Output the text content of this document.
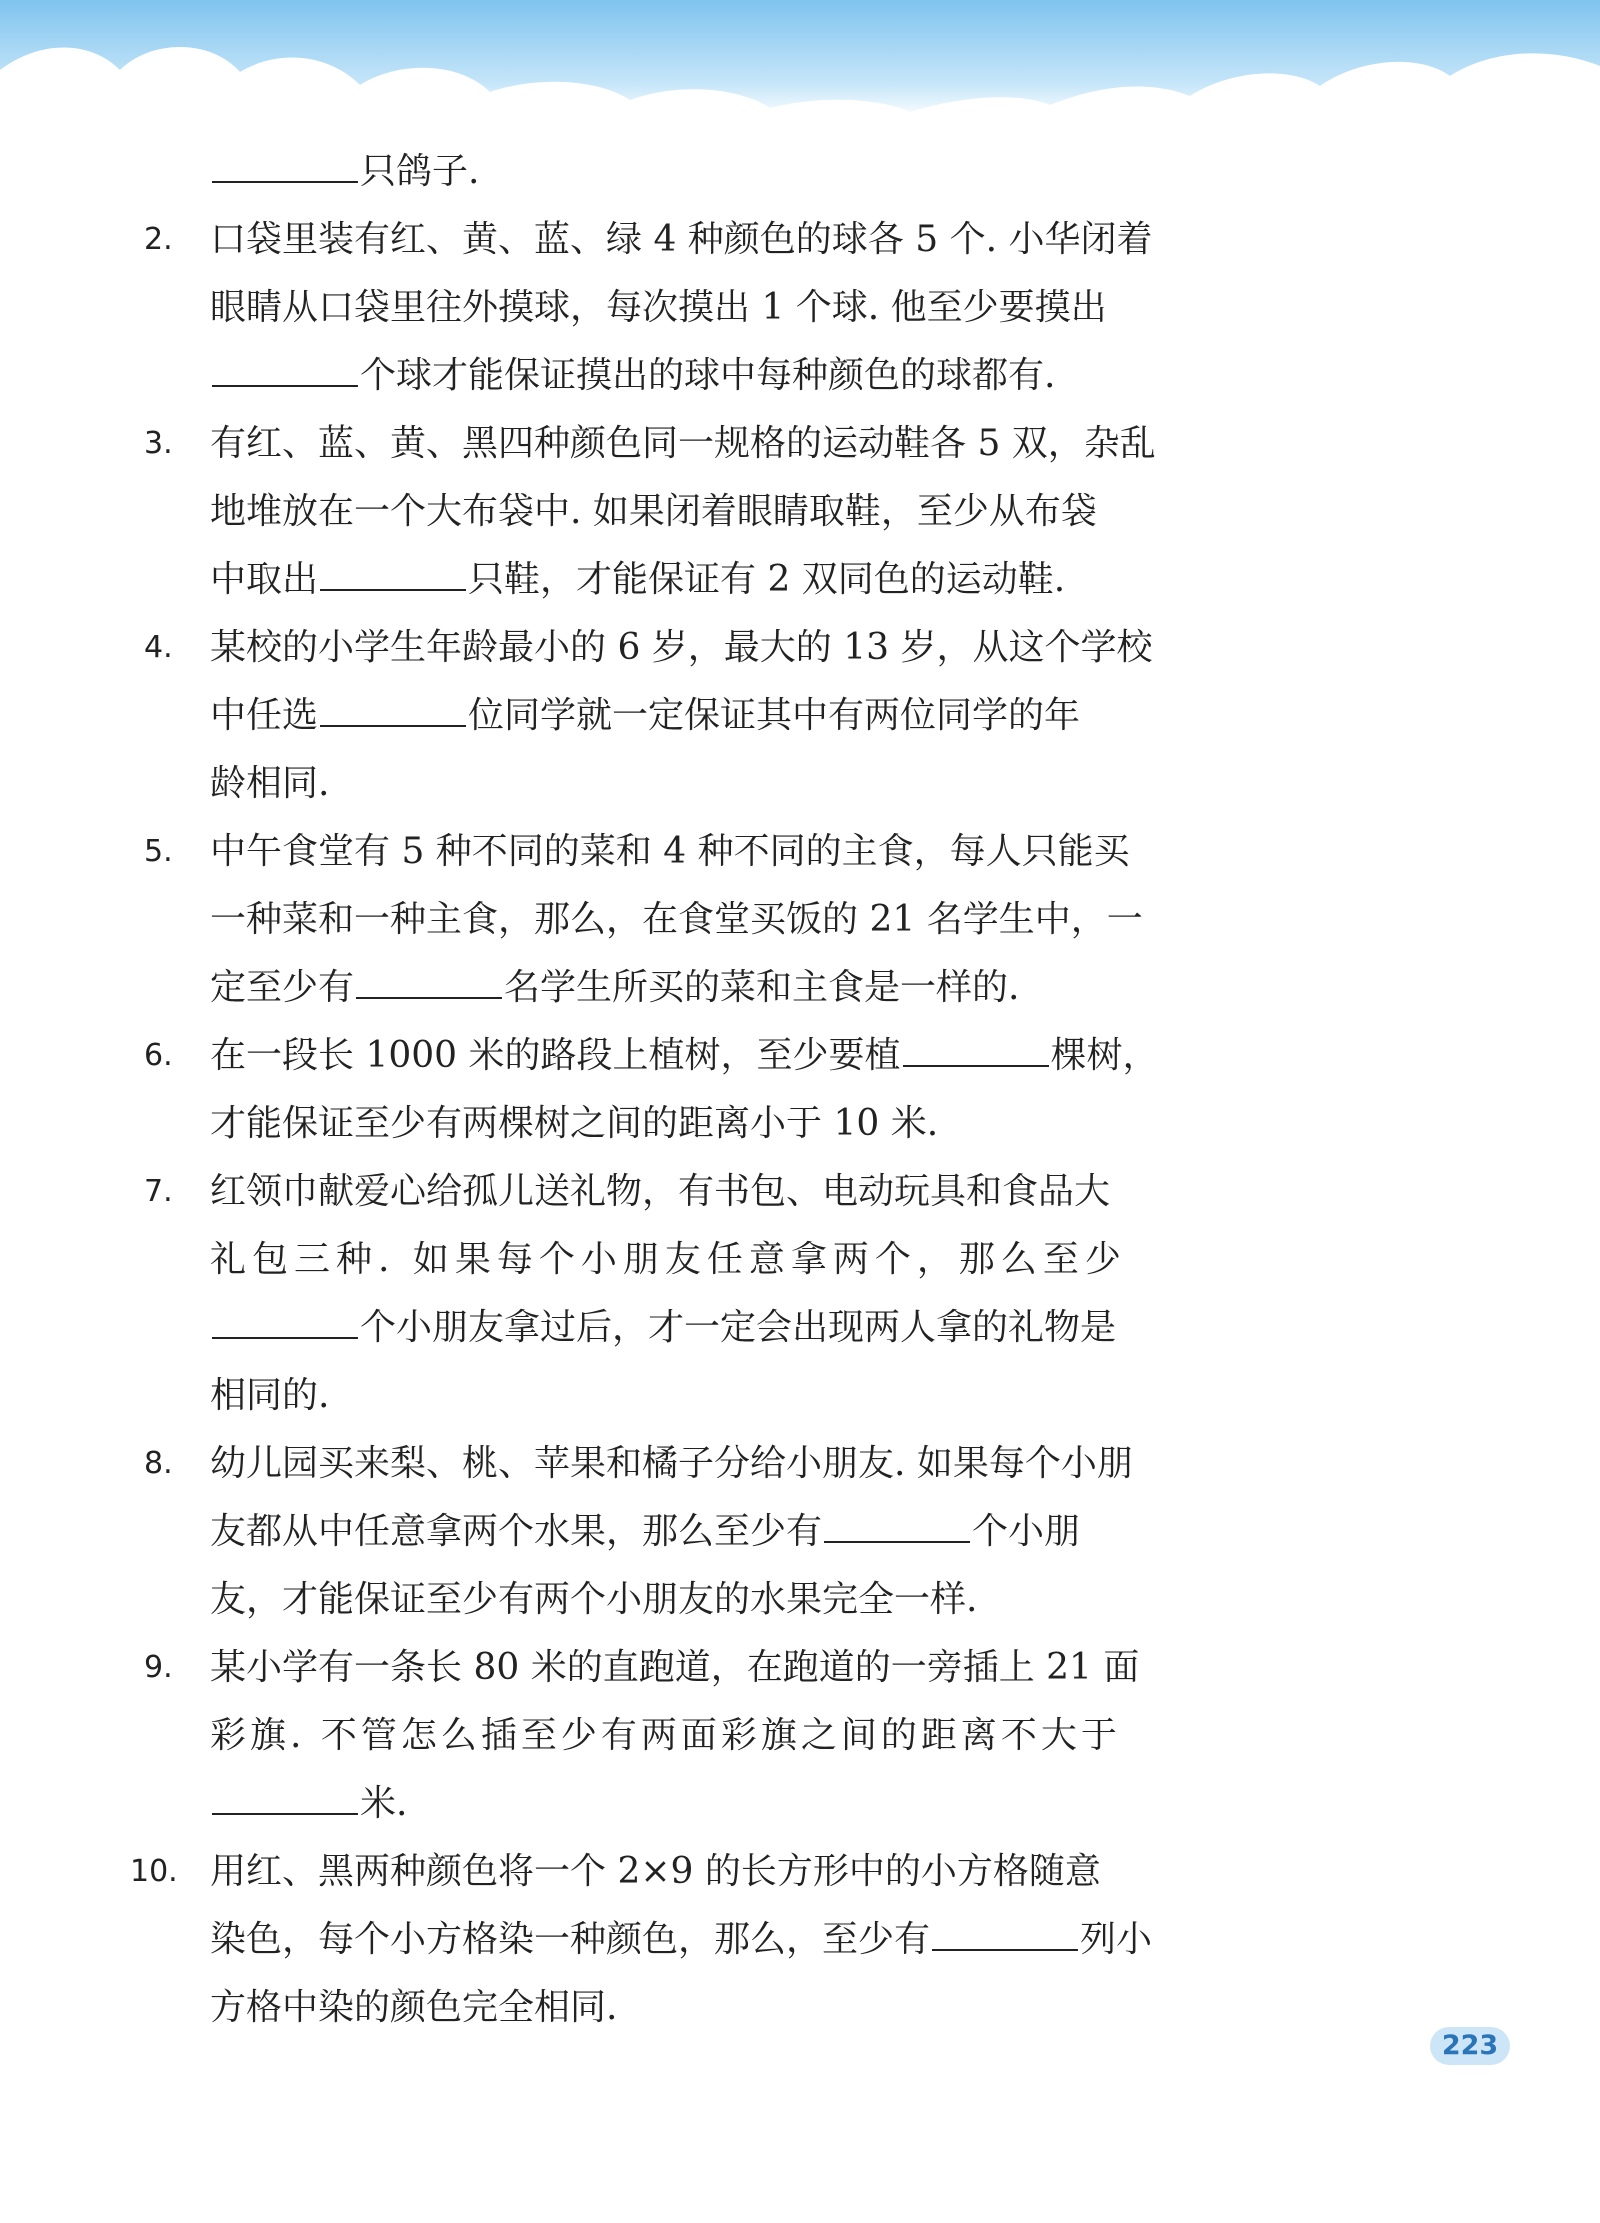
只鸽子.
2.	口袋里装有红、黄、蓝、绿 4 种颜色的球各 5 个. 小华闭着
眼睛从口袋里往外摸球，每次摸出 1 个球. 他至少要摸出
个球才能保证摸出的球中每种颜色的球都有.
3.	有红、蓝、黄、黑四种颜色同一规格的运动鞋各 5 双，杂乱
地堆放在一个大布袋中. 如果闭着眼睛取鞋，至少从布袋
中取出	只鞋，才能保证有 2 双同色的运动鞋.
4.	某校的小学生年龄最小的 6 岁，最大的 13 岁，从这个学校
中任选	位同学就一定保证其中有两位同学的年
龄相同.
5.	中午食堂有 5 种不同的菜和 4 种不同的主食，每人只能买
一种菜和一种主食，那么，在食堂买饭的 21 名学生中，一
定至少有	名学生所买的菜和主食是一样的.
6.	在一段长 1000 米的路段上植树，至少要植	棵树，
才能保证至少有两棵树之间的距离小于 10 米.
7.	红领巾献爱心给孤儿送礼物，有书包、电动玩具和食品大
礼包三种. 如果每个小朋友任意拿两个，那么至少
个小朋友拿过后，才一定会出现两人拿的礼物是
相同的.
8.	幼儿园买来梨、桃、苹果和橘子分给小朋友. 如果每个小朋
友都从中任意拿两个水果，那么至少有	个小朋
友，才能保证至少有两个小朋友的水果完全一样.
9.	某小学有一条长 80 米的直跑道，在跑道的一旁插上 21 面
彩旗. 不管怎么插至少有两面彩旗之间的距离不大于
米.
10. 用红、黑两种颜色将一个 2×9 的长方形中的小方格随意
染色，每个小方格染一种颜色，那么，至少有	列小
方格中染的颜色完全相同.
223
